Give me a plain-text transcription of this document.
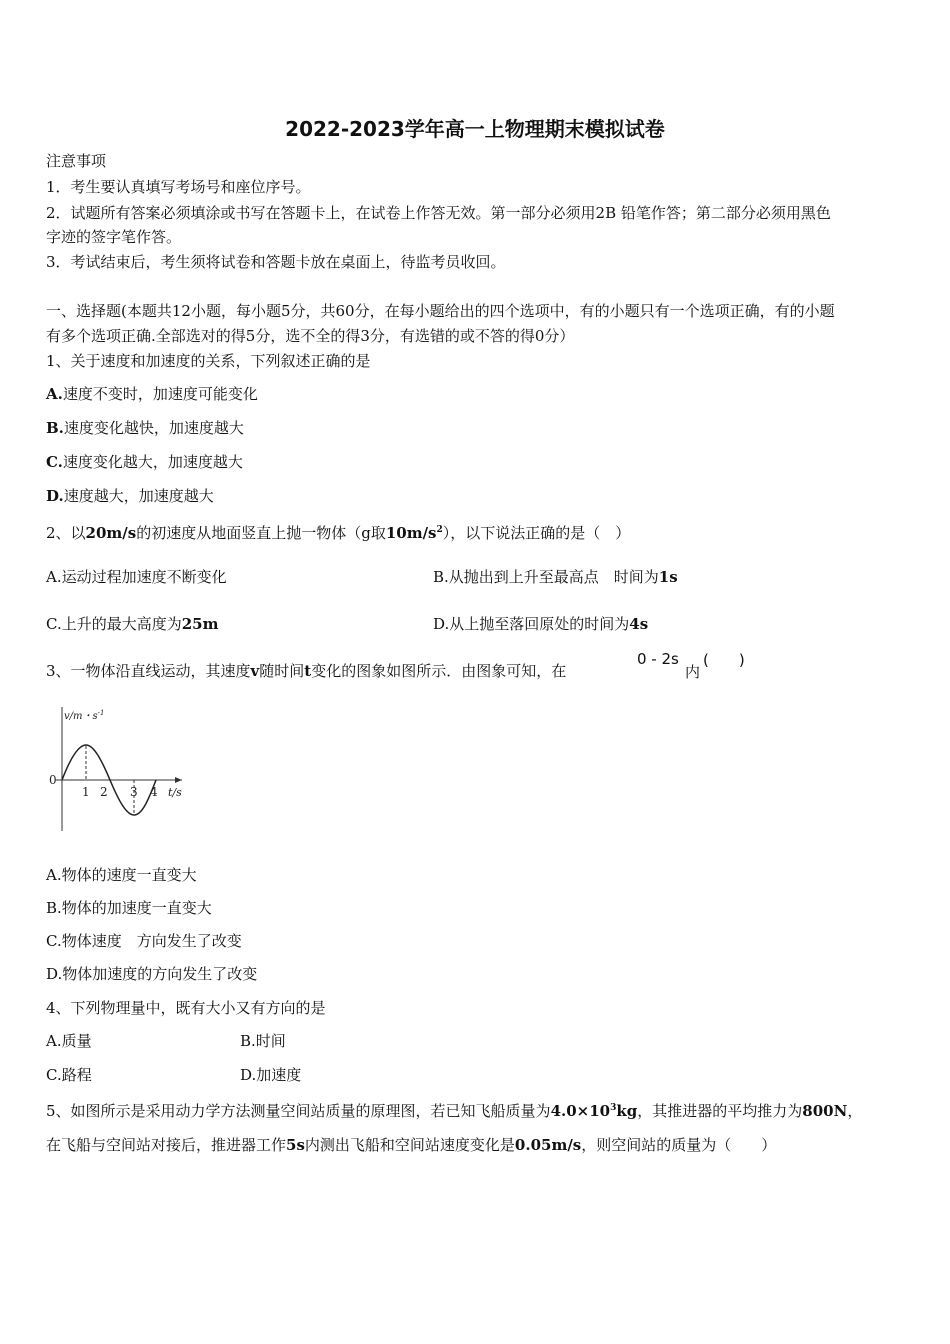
2022-2023学年高一上物理期末模拟试卷
注意事项
1．考生要认真填写考场号和座位序号。
2．试题所有答案必须填涂或书写在答题卡上，在试卷上作答无效。第一部分必须用2B 铅笔作答；第二部分必须用黑色
字迹的签字笔作答。
3．考试结束后，考生须将试卷和答题卡放在桌面上，待监考员收回。
一、选择题(本题共12小题，每小题5分，共60分，在每小题给出的四个选项中，有的小题只有一个选项正确，有的小题
有多个选项正确.全部选对的得5分，选不全的得3分，有选错的或不答的得0分）
1、关于速度和加速度的关系，下列叙述正确的是
A.速度不变时，加速度可能变化
B.速度变化越快，加速度越大
C.速度变化越大，加速度越大
D.速度越大，加速度越大
2、以20m/s的初速度从地面竖直上抛一物体（g取$10m/s^2$），以下说法正确的是（　）
A.运动过程加速度不断变化	B.从抛出到上升至最高点　时间为1s
C.上升的最大高度为25m	D.从上抛至落回原处的时间为4s
3、一物体沿直线运动，其速度v随时间t变化的图象如图所示．由图象可知，在
0 - 2s
内
(　　)
v/m・$s^{-1}$
0
1 2 3 4 t/s
A.物体的速度一直变大
B.物体的加速度一直变大
C.物体速度　方向发生了改变
D.物体加速度的方向发生了改变
4、下列物理量中，既有大小又有方向的是
A.质量	B.时间
C.路程	D.加速度
5、如图所示是采用动力学方法测量空间站质量的原理图，若已知飞船质量为$4.0\times 10^3kg$，其推进器的平均推力为800N，
在飞船与空间站对接后，推进器工作5s内测出飞船和空间站速度变化是0.05m/s，则空间站的质量为（　　）
